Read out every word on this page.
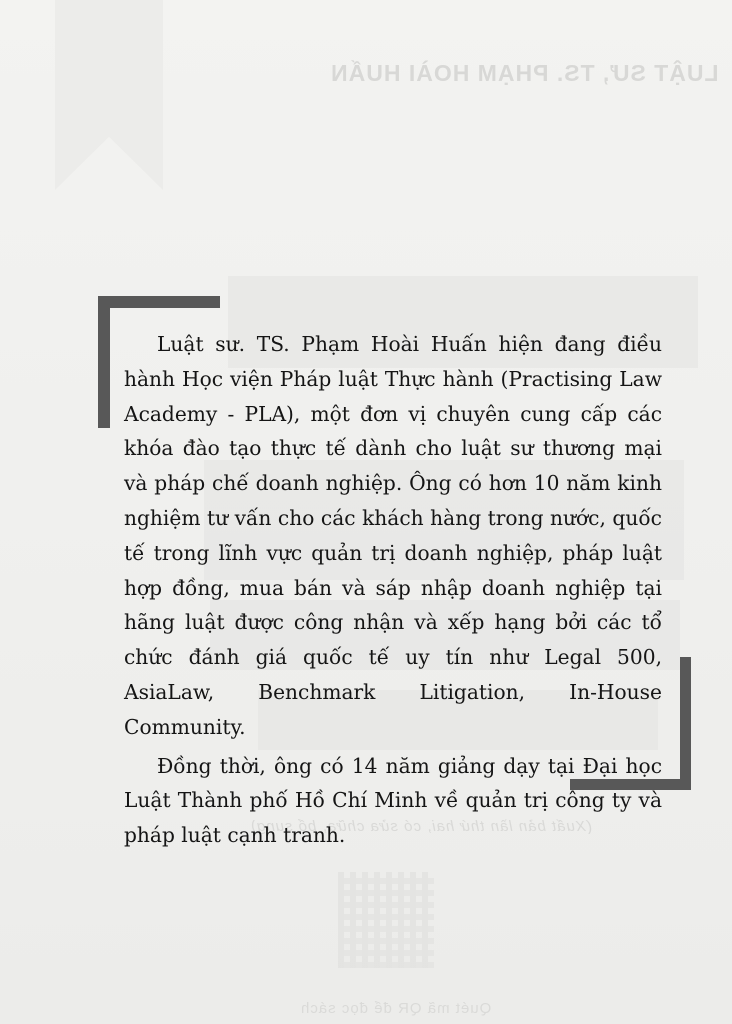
LUẬT SƯ, TS. PHẠM HOÀI HUẤN
(Xuất bản lần thứ hai, có sửa chữa, bổ sung)
Quét mã QR để đọc sách

Luật sư. TS. Phạm Hoài Huấn hiện đang điều hành Học viện Pháp luật Thực hành (Practising Law Academy - PLA), một đơn vị chuyên cung cấp các khóa đào tạo thực tế dành cho luật sư thương mại và pháp chế doanh nghiệp. Ông có hơn 10 năm kinh nghiệm tư vấn cho các khách hàng trong nước, quốc tế trong lĩnh vực quản trị doanh nghiệp, pháp luật hợp đồng, mua bán và sáp nhập doanh nghiệp tại hãng luật được công nhận và xếp hạng bởi các tổ chức đánh giá quốc tế uy tín như Legal 500, AsiaLaw, Benchmark Litigation, In-House Community.

Đồng thời, ông có 14 năm giảng dạy tại Đại học Luật Thành phố Hồ Chí Minh về quản trị công ty và pháp luật cạnh tranh.
